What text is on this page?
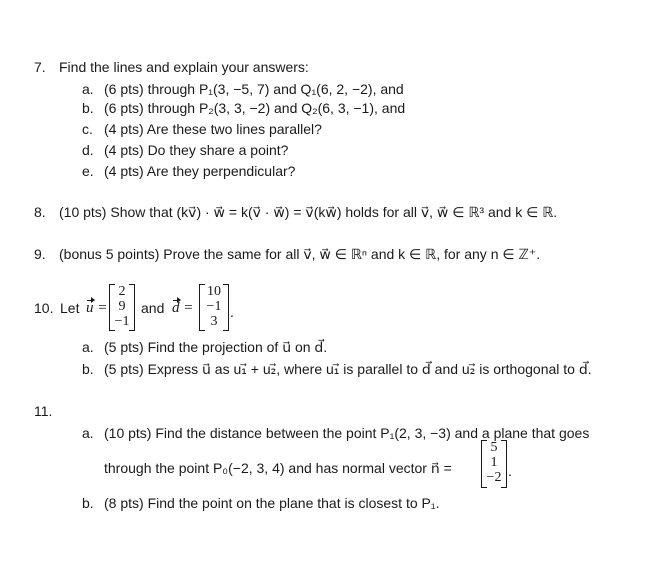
7. Find the lines and explain your answers:
a. (6 pts) through P₁(3, −5, 7) and Q₁(6, 2, −2), and
b. (6 pts) through P₂(3, 3, −2) and Q₂(6, 3, −1), and
c. (4 pts) Are these two lines parallel?
d. (4 pts) Do they share a point?
e. (4 pts) Are they perpendicular?
8. (10 pts) Show that (kv⃗) · w⃗ = k(v⃗ · w⃗) = v⃗(kw⃗) holds for all v⃗, w⃗ ∈ ℝ³ and k ∈ ℝ.
9. (bonus 5 points) Prove the same for all v⃗, w⃗ ∈ ℝⁿ and k ∈ ℝ, for any n ∈ ℤ⁺.
10. Let u =
2
9
−1
and d =
10
−1
3
.
a. (5 pts) Find the projection of u⃗ on d⃗.
b. (5 pts) Express u⃗ as u₁⃗ + u₂⃗, where u₁⃗ is parallel to d⃗ and u₂⃗ is orthogonal to d⃗.
11.
a. (10 pts) Find the distance between the point P₁(2, 3, −3) and a plane that goes
through the point P₀(−2, 3, 4) and has normal vector n⃗ =
5
1
−2 .
b. (8 pts) Find the point on the plane that is closest to P₁.
